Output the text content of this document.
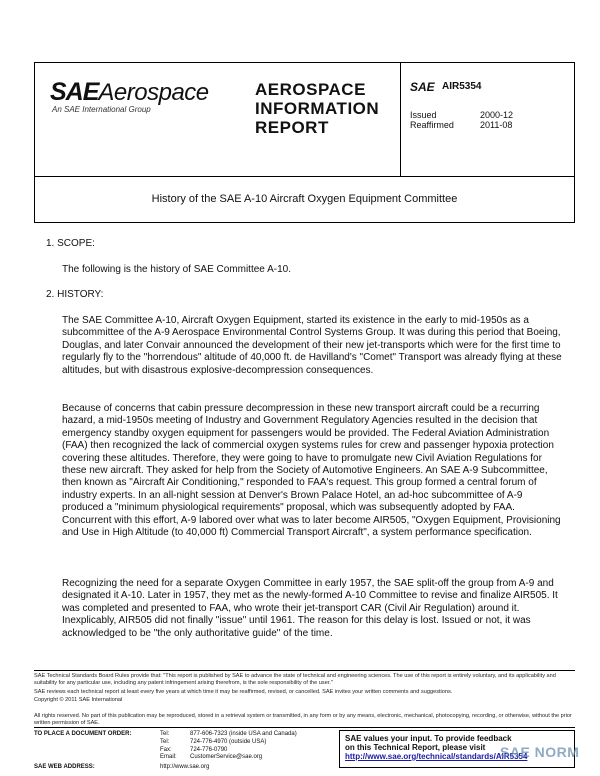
SAEAerospace
An SAE International Group
AEROSPACE
INFORMATION
REPORT
SAE AIR5354
Issued	2000-12
Reaffirmed	2011-08
History of the SAE A-10 Aircraft Oxygen Equipment Committee
1. SCOPE:
The following is the history of SAE Committee A-10.
2. HISTORY:
The SAE Committee A-10, Aircraft Oxygen Equipment, started its existence in the early to mid-1950s as a subcommittee of the A-9 Aerospace Environmental Control Systems Group. It was during this period that Boeing, Douglas, and later Convair announced the development of their new jet-transports which were for the first time to regularly fly to the "horrendous" altitude of 40,000 ft. de Havilland's "Comet" Transport was already flying at these altitudes, but with disastrous explosive-decompression consequences.
Because of concerns that cabin pressure decompression in these new transport aircraft could be a recurring hazard, a mid-1950s meeting of Industry and Government Regulatory Agencies resulted in the decision that emergency standby oxygen equipment for passengers would be provided. The Federal Aviation Administration (FAA) then recognized the lack of commercial oxygen systems rules for crew and passenger hypoxia protection covering these altitudes. Therefore, they were going to have to promulgate new Civil Aviation Regulations for these new aircraft. They asked for help from the Society of Automotive Engineers. An SAE A-9 Subcommittee, then known as "Aircraft Air Conditioning," responded to FAA's request. This group formed a central forum of industry experts. In an all-night session at Denver's Brown Palace Hotel, an ad-hoc subcommittee of A-9 produced a "minimum physiological requirements" proposal, which was subsequently adopted by FAA. Concurrent with this effort, A-9 labored over what was to later become AIR505, "Oxygen Equipment, Provisioning and Use in High Altitude (to 40,000 ft) Commercial Transport Aircraft", a system performance specification.
Recognizing the need for a separate Oxygen Committee in early 1957, the SAE split-off the group from A-9 and designated it A-10. Later in 1957, they met as the newly-formed A-10 Committee to revise and finalize AIR505. It was completed and presented to FAA, who wrote their jet-transport CAR (Civil Air Regulation) around it. Inexplicably, AIR505 did not finally "issue" until 1961. The reason for this delay is lost. Issued or not, it was acknowledged to be "the only authoritative guide" of the time.
SAE Technical Standards Board Rules provide that: "This report is published by SAE to advance the state of technical and engineering sciences. The use of this report is entirely voluntary, and its applicability and suitability for any particular use, including any patent infringement arising therefrom, is the sole responsibility of the user."
SAE reviews each technical report at least every five years at which time it may be reaffirmed, revised, or cancelled. SAE invites your written comments and suggestions.
Copyright © 2011 SAE International
All rights reserved. No part of this publication may be reproduced, stored in a retrieval system or transmitted, in any form or by any means, electronic, mechanical, photocopying, recording, or otherwise, without the prior written permission of SAE.
TO PLACE A DOCUMENT ORDER:	Tel:	877-606-7323 (inside USA and Canada)
Tel:	724-776-4970 (outside USA)
Fax:	724-776-0790
Email: CustomerService@sae.org
SAE WEB ADDRESS:	http://www.sae.org
SAE values your input. To provide feedback
on this Technical Report, please visit
http://www.sae.org/technical/standards/AIR5354
SAE NORM
